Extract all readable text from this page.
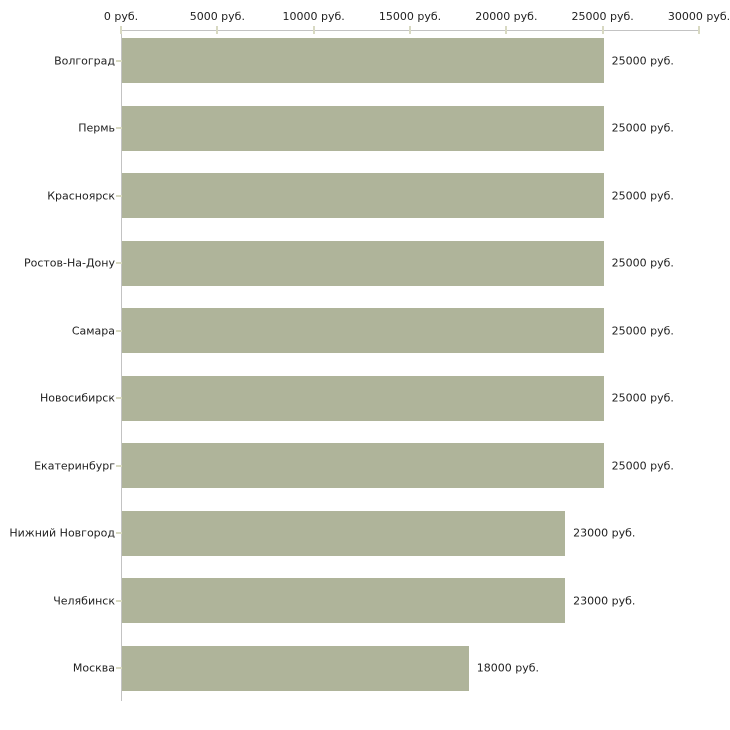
0 руб.	5000 руб.	10000 руб.	15000 руб.	20000 руб.	25000 руб.	30000 руб.
Волгоград	25000 руб.
Пермь	25000 руб.
Красноярск	25000 руб.
Ростов-На-Дону	25000 руб.
Самара	25000 руб.
Новосибирск	25000 руб.
Екатеринбург	25000 руб.
Нижний Новгород	23000 руб.
Челябинск	23000 руб.
Москва	18000 руб.
